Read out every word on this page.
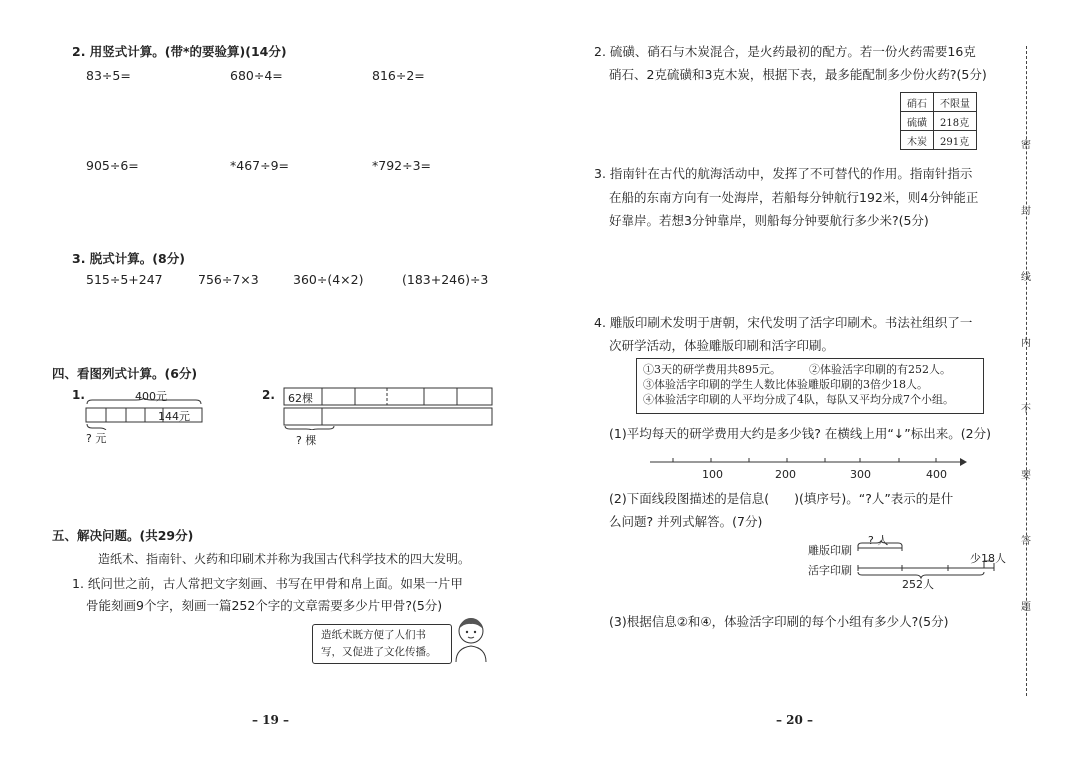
2. 用竖式计算。(带*的要验算)(14分)
83÷5=	680÷4=	816÷2=
905÷6=	*467÷9=	*792÷3=
3. 脱式计算。(8分)
515÷5+247	756÷7×3	360÷(4×2)	(183+246)÷3
四、看图列式计算。(6分)
1.	400元
144元
? 元
2. 62棵
? 棵
五、解决问题。(共29分)
造纸术、指南针、火药和印刷术并称为我国古代科学技术的四大发明。
1. 纸问世之前，古人常把文字刻画、书写在甲骨和帛上面。如果一片甲
骨能刻画9个字，刻画一篇252个字的文章需要多少片甲骨?(5分)
造纸术既方便了人们书
写，又促进了文化传播。
– 19 –
2. 硫磺、硝石与木炭混合，是火药最初的配方。若一份火药需要16克
硝石、2克硫磺和3克木炭，根据下表，最多能配制多少份火药?(5分)
硝石	不限量
硫磺	218克
木炭	291克
3. 指南针在古代的航海活动中，发挥了不可替代的作用。指南针指示
在船的东南方向有一处海岸，若船每分钟航行192米，则4分钟能正
好靠岸。若想3分钟靠岸，则船每分钟要航行多少米?(5分)
4. 雕版印刷术发明于唐朝，宋代发明了活字印刷术。书法社组织了一
次研学活动，体验雕版印刷和活字印刷。
①3天的研学费用共895元。	②体验活字印刷的有252人。
③体验活字印刷的学生人数比体验雕版印刷的3倍少18人。
④体验活字印刷的人平均分成了4队，每队又平均分成7个小组。
(1)平均每天的研学费用大约是多少钱? 在横线上用“↓”标出来。(2分)
100	200	300	400
(2)下面线段图描述的是信息(　　)(填序号)。“?人”表示的是什
么问题? 并列式解答。(7分)
? 人
雕版印刷
少18人
活字印刷
252人
(3)根据信息②和④，体验活字印刷的每个小组有多少人?(5分)
– 20 –
密
封
线
内
不
要
答
题
